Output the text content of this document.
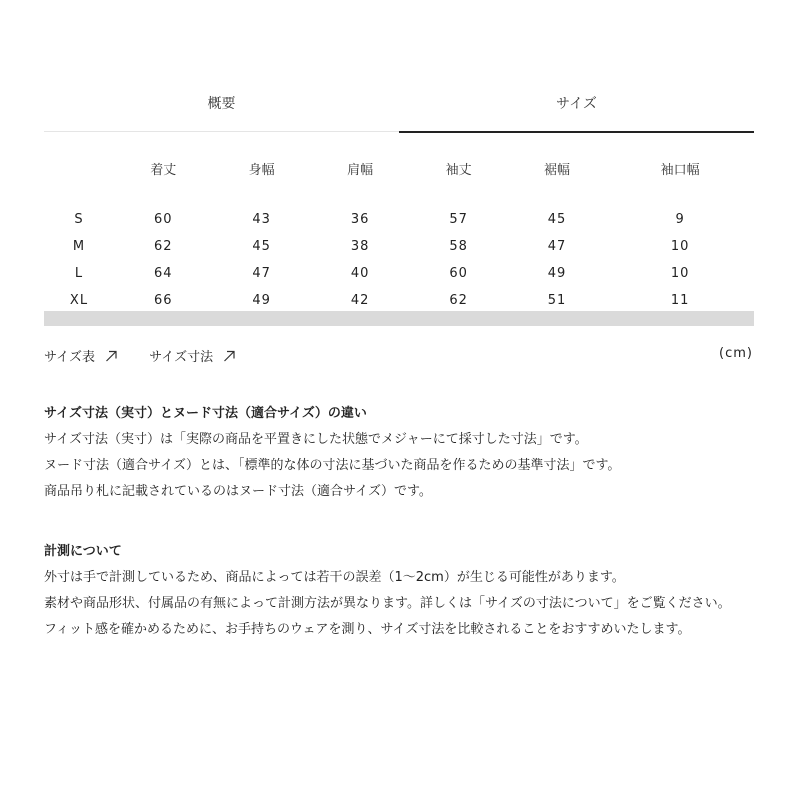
概要	サイズ
	着丈	身幅	肩幅	袖丈	裾幅	袖口幅

S	60	43	36	57	45	9
M	62	45	38	58	47	10
L	64	47	40	60	49	10
XL	66	49	42	62	51	11
サイズ表
	サイズ寸法	(cm)

サイズ寸法（実寸）とヌード寸法（適合サイズ）の違い

サイズ寸法（実寸）は「実際の商品を平置きにした状態でメジャーにて採寸した寸法」です。

ヌード寸法（適合サイズ）とは、「標準的な体の寸法に基づいた商品を作るための基準寸法」です。

商品吊り札に記載されているのはヌード寸法（適合サイズ）です。

計測について

外寸は手で計測しているため、商品によっては若干の誤差（1〜2cm）が生じる可能性があります。

素材や商品形状、付属品の有無によって計測方法が異なります。詳しくは「サイズの寸法について」をご覧ください。

フィット感を確かめるために、お手持ちのウェアを測り、サイズ寸法を比較されることをおすすめいたします。
